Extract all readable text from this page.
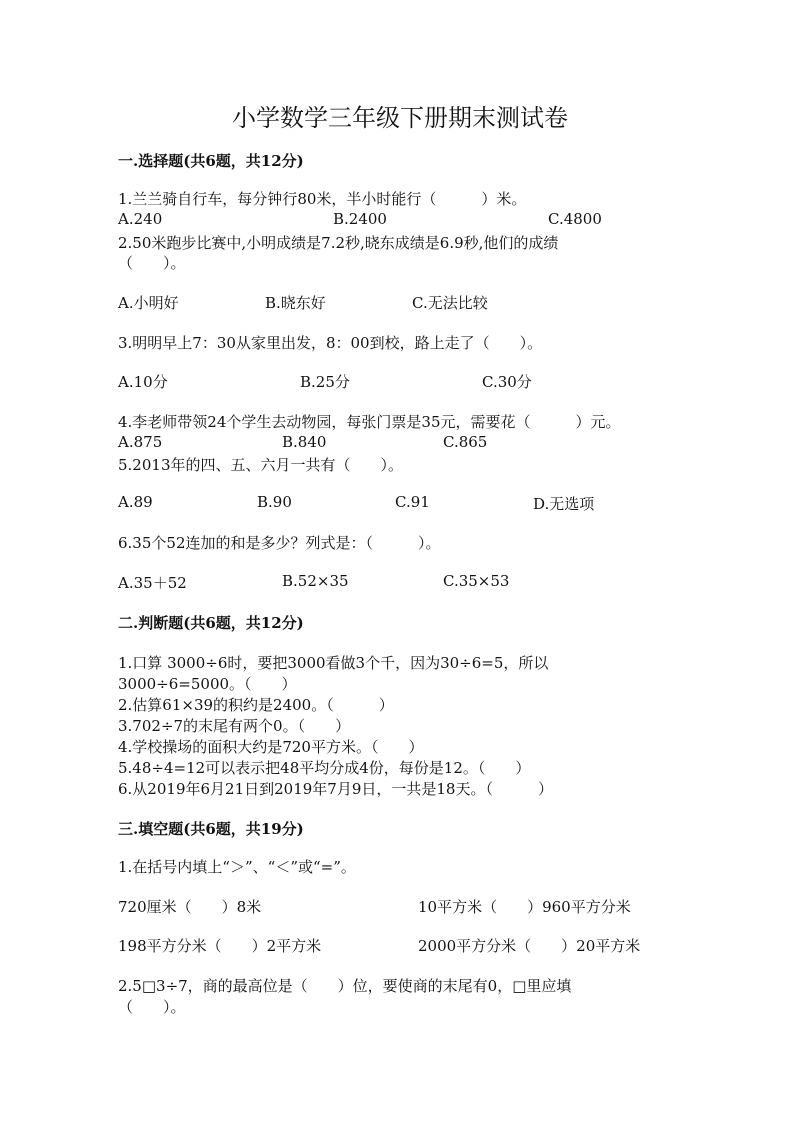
小学数学三年级下册期末测试卷
一.选择题(共6题，共12分)
1.兰兰骑自行车，每分钟行80米，半小时能行（　　　）米。
A.240	B.2400	C.4800
2.50米跑步比赛中,小明成绩是7.2秒,晓东成绩是6.9秒,他们的成绩
（　　）。
A.小明好	B.晓东好	C.无法比较
3.明明早上7：30从家里出发，8：00到校，路上走了（　　）。
A.10分	B.25分	C.30分
4.李老师带领24个学生去动物园，每张门票是35元，需要花（　　　）元。
A.875	B.840	C.865
5.2013年的四、五、六月一共有（　　）。
A.89	B.90	C.91	D.无选项
6.35个52连加的和是多少？列式是：（　　　）。
A.35＋52	B.52×35	C.35×53
二.判断题(共6题，共12分)
1.口算 3000÷6时，要把3000看做3个千，因为30÷6=5，所以
3000÷6=5000。（　　）
2.估算61×39的积约是2400。（　　　）
3.702÷7的末尾有两个0。（　　）
4.学校操场的面积大约是720平方米。（　　）
5.48÷4=12可以表示把48平均分成4份，每份是12。（　　）
6.从2019年6月21日到2019年7月9日，一共是18天。（　　　）
三.填空题(共6题，共19分)
1.在括号内填上“＞”、“＜”或“=”。
720厘米（　　）8米	10平方米（　　）960平方分米
198平方分米（　　）2平方米	2000平方分米（　　）20平方米
2.5□3÷7，商的最高位是（　　）位，要使商的末尾有0，□里应填
（　　）。
